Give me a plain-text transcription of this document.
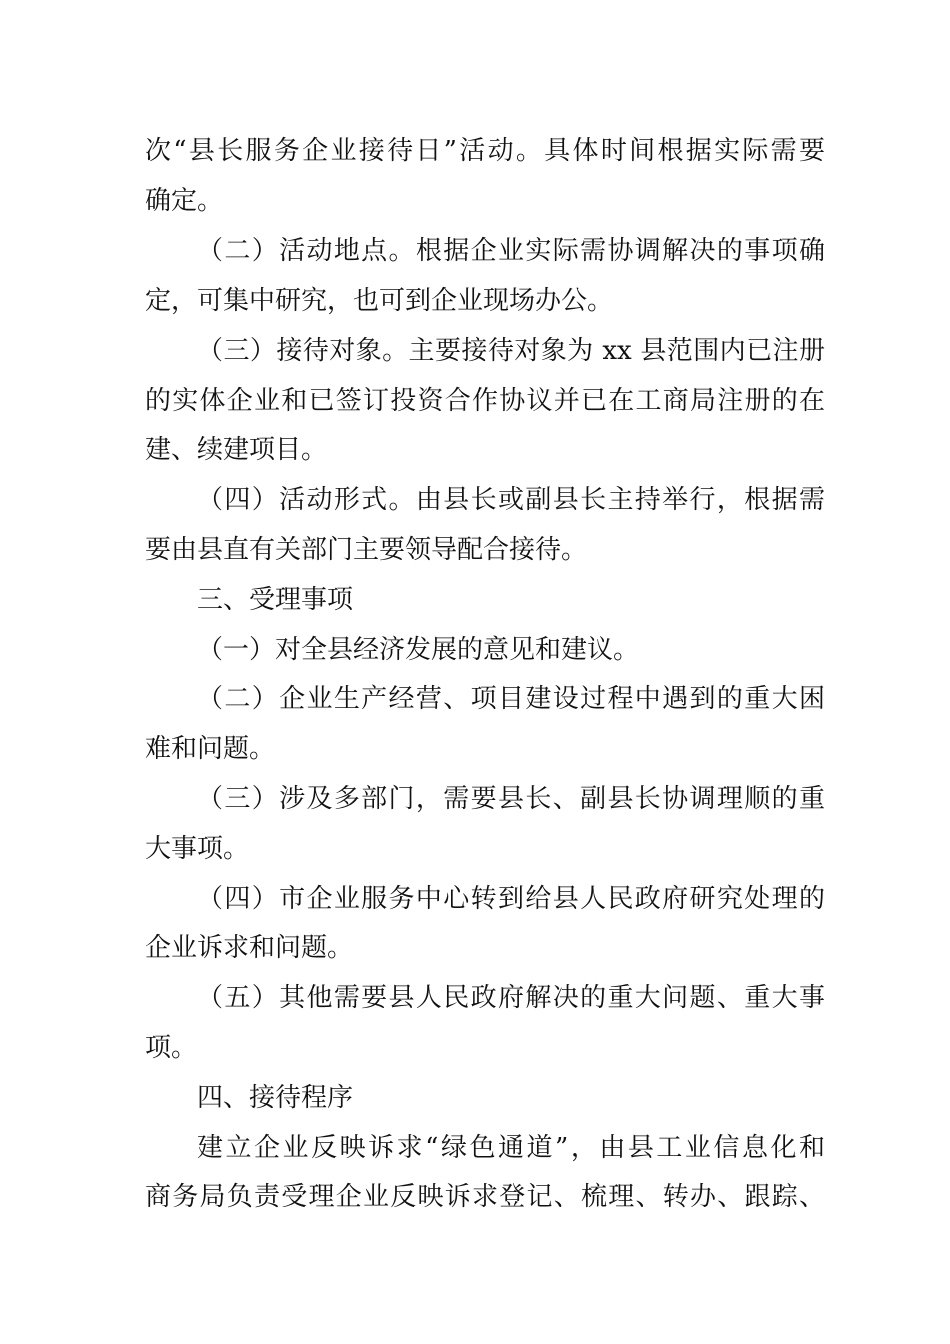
次“县长服务企业接待日”活动。具体时间根据实际需要
确定。
（二）活动地点。根据企业实际需协调解决的事项确
定，可集中研究，也可到企业现场办公。
（三）接待对象。主要接待对象为 xx 县范围内已注册
的实体企业和已签订投资合作协议并已在工商局注册的在
建、续建项目。
（四）活动形式。由县长或副县长主持举行，根据需
要由县直有关部门主要领导配合接待。
三、受理事项
（一）对全县经济发展的意见和建议。
（二）企业生产经营、项目建设过程中遇到的重大困
难和问题。
（三）涉及多部门，需要县长、副县长协调理顺的重
大事项。
（四）市企业服务中心转到给县人民政府研究处理的
企业诉求和问题。
（五）其他需要县人民政府解决的重大问题、重大事
项。
四、接待程序
建立企业反映诉求“绿色通道”，由县工业信息化和
商务局负责受理企业反映诉求登记、梳理、转办、跟踪、
